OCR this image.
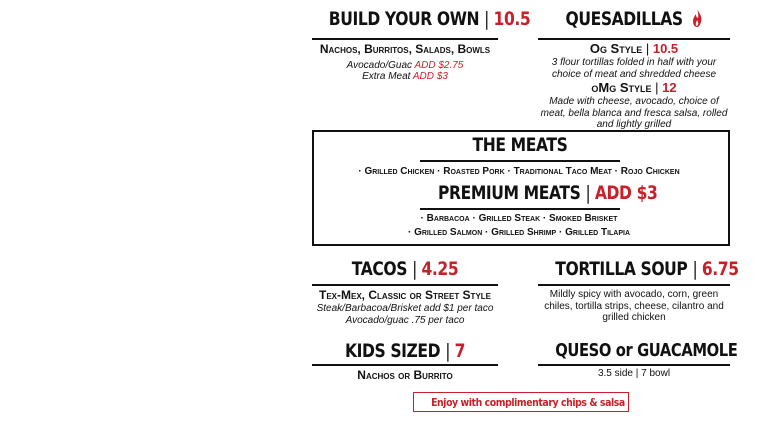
BUILD YOUR OWN | 10.5
Nachos, Burritos, Salads, Bowls
Avocado/Guac ADD $2.75
Extra Meat ADD $3
QUESADILLAS
Og Style | 10.5
3 flour tortillas folded in half with your choice of meat and shredded cheese
oMg Style | 12
Made with cheese, avocado, choice of meat, bella blanca and fresca salsa, rolled and lightly grilled
THE MEATS
· Grilled Chicken · Roasted Pork · Traditional Taco Meat · Rojo Chicken
PREMIUM MEATS | ADD $3
· Barbacoa · Grilled Steak · Smoked Brisket
· Grilled Salmon · Grilled Shrimp · Grilled Tilapia
TACOS | 4.25
Tex-Mex, Classic or Street Style
Steak/Barbacoa/Brisket add $1 per taco
Avocado/guac .75 per taco
TORTILLA SOUP | 6.75
Mildly spicy with avocado, corn, green chiles, tortilla strips, cheese, cilantro and grilled chicken
KIDS SIZED | 7
Nachos or Burrito
QUESO or GUACAMOLE
3.5 side | 7 bowl
Enjoy with complimentary chips & salsa
